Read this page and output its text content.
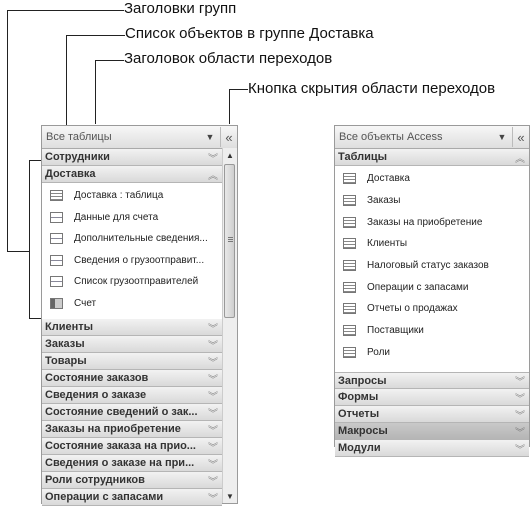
Заголовки групп
Список объектов в группе Доставка
Заголовок области переходов
Кнопка скрытия области переходов
Все таблицы	▼ «
Сотрудники	︾
Доставка	︽
Доставка : таблица
Данные для счета
Дополнительные сведения...
Сведения о грузоотправит...
Список грузоотправителей
Счет
Клиенты	︾
Заказы	︾
Товары	︾
Состояние заказов	︾
Сведения о заказе	︾
Состояние сведений о зак...	︾
Заказы на приобретение	︾
Состояние заказа на прио...	︾
Сведения о заказе на при...	︾
Роли сотрудников	︾
Операции с запасами	︾
▲
▼
Все объекты Access	▼ «
Таблицы	︽
Доставка
Заказы
Заказы на приобретение
Клиенты
Налоговый статус заказов
Операции с запасами
Отчеты о продажах
Поставщики
Роли
Запросы	︾
Формы	︾
Отчеты	︾
Макросы	︾
Модули	︾
